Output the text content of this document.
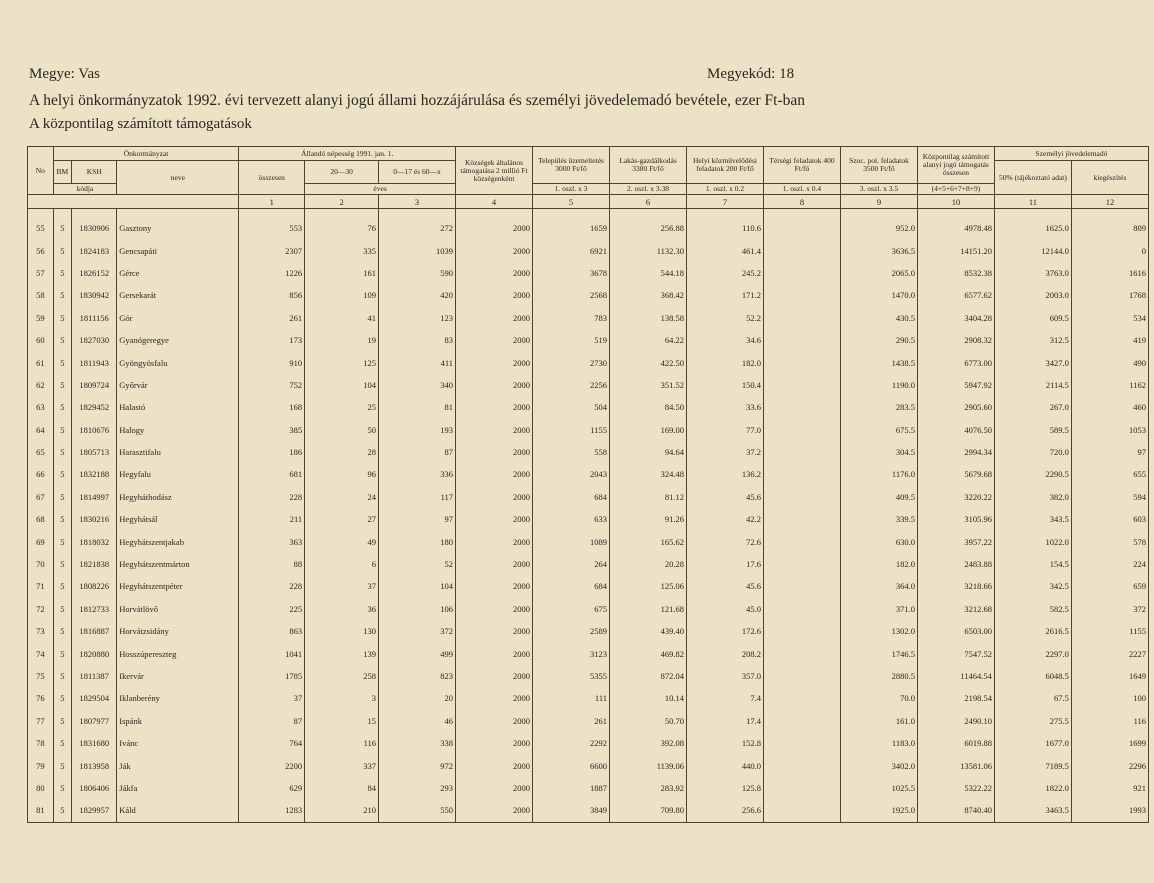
Megye: Vas	Megyekód: 18
A helyi önkormányzatok 1992. évi tervezett alanyi jogú állami hozzájárulása és személyi jövedelemadó bevétele, ezer Ft-ban
A központilag számított támogatások
No	Önkormányzat			Állandó népesség 1991. jan. 1.			Községek általános támogatása 2 millió Ft községenként	Település üzemeltetés 3000 Ft/fő	Lakás-gazdálkodás 3380 Ft/fő	Helyi közművelődési feladatok 200 Ft/fő	Térségi feladatok 400 Ft/fő	Szoc. pol. feladatok 3500 Ft/fő	Központilag számított alanyi jogú támogatás összesen	Személyi jövedelemadó	
	BM	KSH	neve	összesen	20—30	0—17 és 60—x								50% (tájékoztató adat)	kiegészítés
	kódja				éves			1. oszl. x 3	2. oszl. x 3.38	1. oszl. x 0.2	1. oszl. x 0.4	3. oszl. x 3.5	(4+5+6+7+8+9)		
				1	2	3	4	5	6	7	8	9	10	11	12

55	5	1830906	Gasztony	553	76	272	2000	1659	256.88	110.6		952.0	4978.48	1625.0	809
56	5	1824183	Gencsapáti	2307	335	1039	2000	6921	1132.30	461.4		3636.5	14151.20	12144.0	0
57	5	1826152	Gérce	1226	161	590	2000	3678	544.18	245.2		2065.0	8532.38	3763.0	1616
58	5	1830942	Gersekarát	856	109	420	2000	2568	368.42	171.2		1470.0	6577.62	2003.0	1768
59	5	1811156	Gór	261	41	123	2000	783	138.58	52.2		430.5	3404.28	609.5	534
60	5	1827030	Gyanógeregye	173	19	83	2000	519	64.22	34.6		290.5	2908.32	312.5	419
61	5	1811943	Gyöngyösfalu	910	125	411	2000	2730	422.50	182.0		1438.5	6773.00	3427.0	490
62	5	1809724	Győrvár	752	104	340	2000	2256	351.52	150.4		1190.0	5947.92	2114.5	1162
63	5	1829452	Halastó	168	25	81	2000	504	84.50	33.6		283.5	2905.60	267.0	460
64	5	1810676	Halogy	385	50	193	2000	1155	169.00	77.0		675.5	4076.50	589.5	1053
65	5	1805713	Harasztifalu	186	28	87	2000	558	94.64	37.2		304.5	2994.34	720.0	97
66	5	1832188	Hegyfalu	681	96	336	2000	2043	324.48	136.2		1176.0	5679.68	2290.5	655
67	5	1814997	Hegyháthodász	228	24	117	2000	684	81.12	45.6		409.5	3220.22	382.0	594
68	5	1830216	Hegyhátsál	211	27	97	2000	633	91.26	42.2		339.5	3105.96	343.5	603
69	5	1818032	Hegyhátszentjakab	363	49	180	2000	1089	165.62	72.6		630.0	3957.22	1022.0	578
70	5	1821838	Hegyhátszentmárton	88	6	52	2000	264	20.28	17.6		182.0	2483.88	154.5	224
71	5	1808226	Hegyhátszentpéter	228	37	104	2000	684	125.06	45.6		364.0	3218.66	342.5	659
72	5	1812733	Horvátlövő	225	36	106	2000	675	121.68	45.0		371.0	3212.68	582.5	372
73	5	1816887	Horvátzsidány	863	130	372	2000	2589	439.40	172.6		1302.0	6503.00	2616.5	1155
74	5	1820880	Hosszúpereszteg	1041	139	499	2000	3123	469.82	208.2		1746.5	7547.52	2297.0	2227
75	5	1811387	Ikervár	1785	258	823	2000	5355	872.04	357.0		2880.5	11464.54	6048.5	1649
76	5	1829504	Iklanberény	37	3	20	2000	111	10.14	7.4		70.0	2198.54	67.5	100
77	5	1807977	Ispánk	87	15	46	2000	261	50.70	17.4		161.0	2490.10	275.5	116
78	5	1831680	Ivánc	764	116	338	2000	2292	392.08	152.8		1183.0	6019.88	1677.0	1699
79	5	1813958	Ják	2200	337	972	2000	6600	1139.06	440.0		3402.0	13581.06	7189.5	2296
80	5	1806406	Jákfa	629	84	293	2000	1887	283.92	125.8		1025.5	5322.22	1822.0	921
81	5	1829957	Káld	1283	210	550	2000	3849	709.80	256.6		1925.0	8740.40	3463.5	1993
